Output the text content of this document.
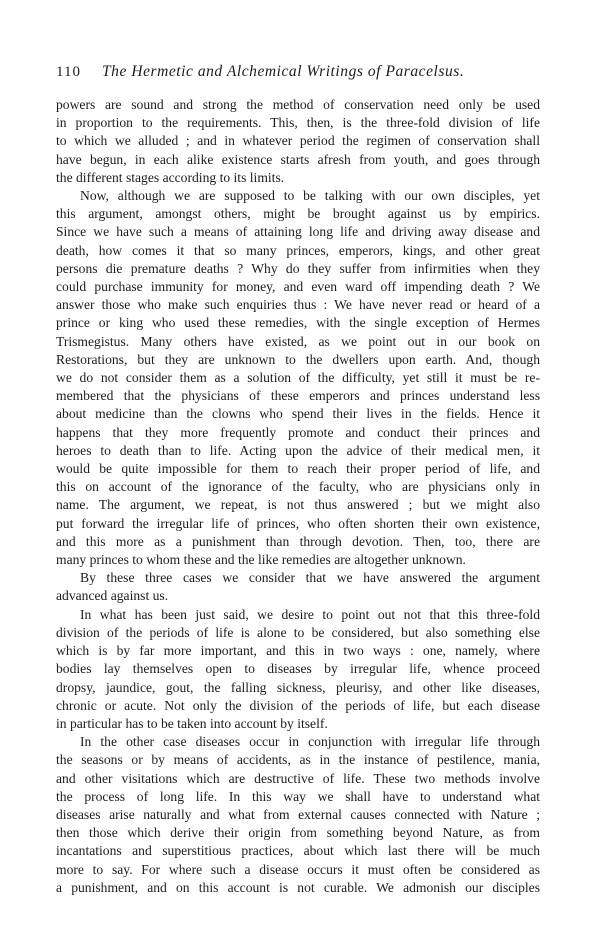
110	The Hermetic and Alchemical Writings of Paracelsus.
powers are sound and strong the method of conservation need only be used
in proportion to the requirements. This, then, is the three-fold division of life
to which we alluded ; and in whatever period the regimen of conservation shall
have begun, in each alike existence starts afresh from youth, and goes through
the different stages according to its limits.
Now, although we are supposed to be talking with our own disciples, yet
this argument, amongst others, might be brought against us by empirics.
Since we have such a means of attaining long life and driving away disease and
death, how comes it that so many princes, emperors, kings, and other great
persons die premature deaths ? Why do they suffer from infirmities when they
could purchase immunity for money, and even ward off impending death ? We
answer those who make such enquiries thus : We have never read or heard of a
prince or king who used these remedies, with the single exception of Hermes
Trismegistus. Many others have existed, as we point out in our book on
Restorations, but they are unknown to the dwellers upon earth. And, though
we do not consider them as a solution of the difficulty, yet still it must be re-
membered that the physicians of these emperors and princes understand less
about medicine than the clowns who spend their lives in the fields. Hence it
happens that they more frequently promote and conduct their princes and
heroes to death than to life. Acting upon the advice of their medical men, it
would be quite impossible for them to reach their proper period of life, and
this on account of the ignorance of the faculty, who are physicians only in
name. The argument, we repeat, is not thus answered ; but we might also
put forward the irregular life of princes, who often shorten their own existence,
and this more as a punishment than through devotion. Then, too, there are
many princes to whom these and the like remedies are altogether unknown.
By these three cases we consider that we have answered the argument
advanced against us.
In what has been just said, we desire to point out not that this three-fold
division of the periods of life is alone to be considered, but also something else
which is by far more important, and this in two ways : one, namely, where
bodies lay themselves open to diseases by irregular life, whence proceed
dropsy, jaundice, gout, the falling sickness, pleurisy, and other like diseases,
chronic or acute. Not only the division of the periods of life, but each disease
in particular has to be taken into account by itself.
In the other case diseases occur in conjunction with irregular life through
the seasons or by means of accidents, as in the instance of pestilence, mania,
and other visitations which are destructive of life. These two methods involve
the process of long life. In this way we shall have to understand what
diseases arise naturally and what from external causes connected with Nature ;
then those which derive their origin from something beyond Nature, as from
incantations and superstitious practices, about which last there will be much
more to say. For where such a disease occurs it must often be considered as
a punishment, and on this account is not curable. We admonish our disciples
